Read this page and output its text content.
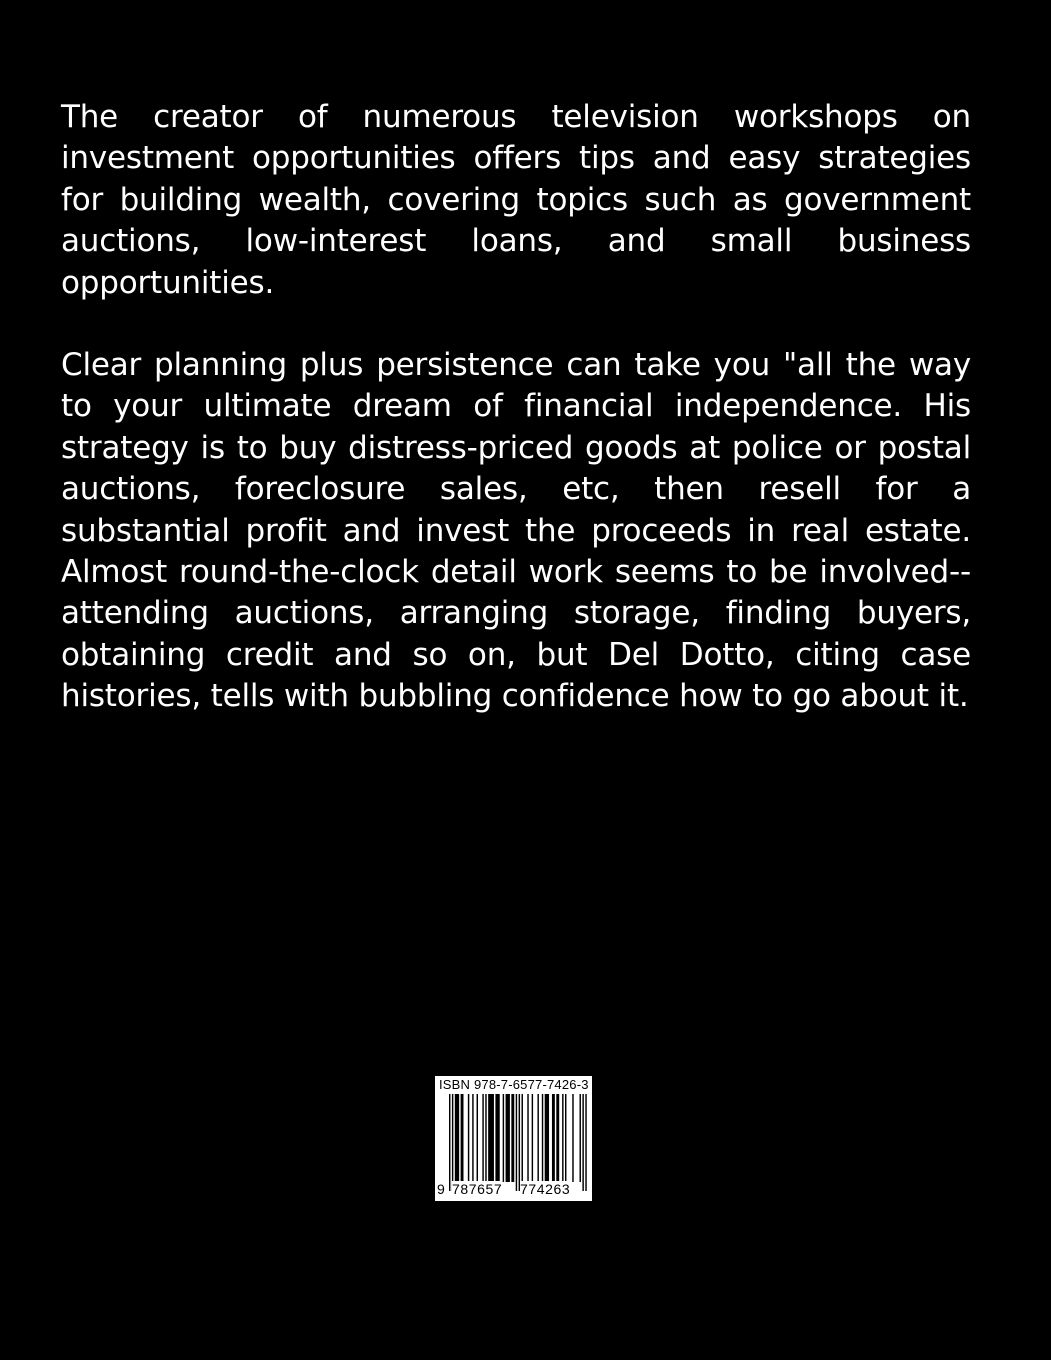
The creator of numerous television workshops on investment opportunities offers tips and easy strategies for building wealth, covering topics such as government auctions, low-interest loans, and small business opportunities.

Clear planning plus persistence can take you "all the way to your ultimate dream of financial independence. His strategy is to buy distress-priced goods at police or postal auctions, foreclosure sales, etc, then resell for a substantial profit and invest the proceeds in real estate. Almost round-the-clock detail work seems to be involved--attending auctions, arranging storage, finding buyers, obtaining credit and so on, but Del Dotto, citing case histories, tells with bubbling confidence how to go about it.

ISBN 978-7-6577-7426-3
9 787657 774263
